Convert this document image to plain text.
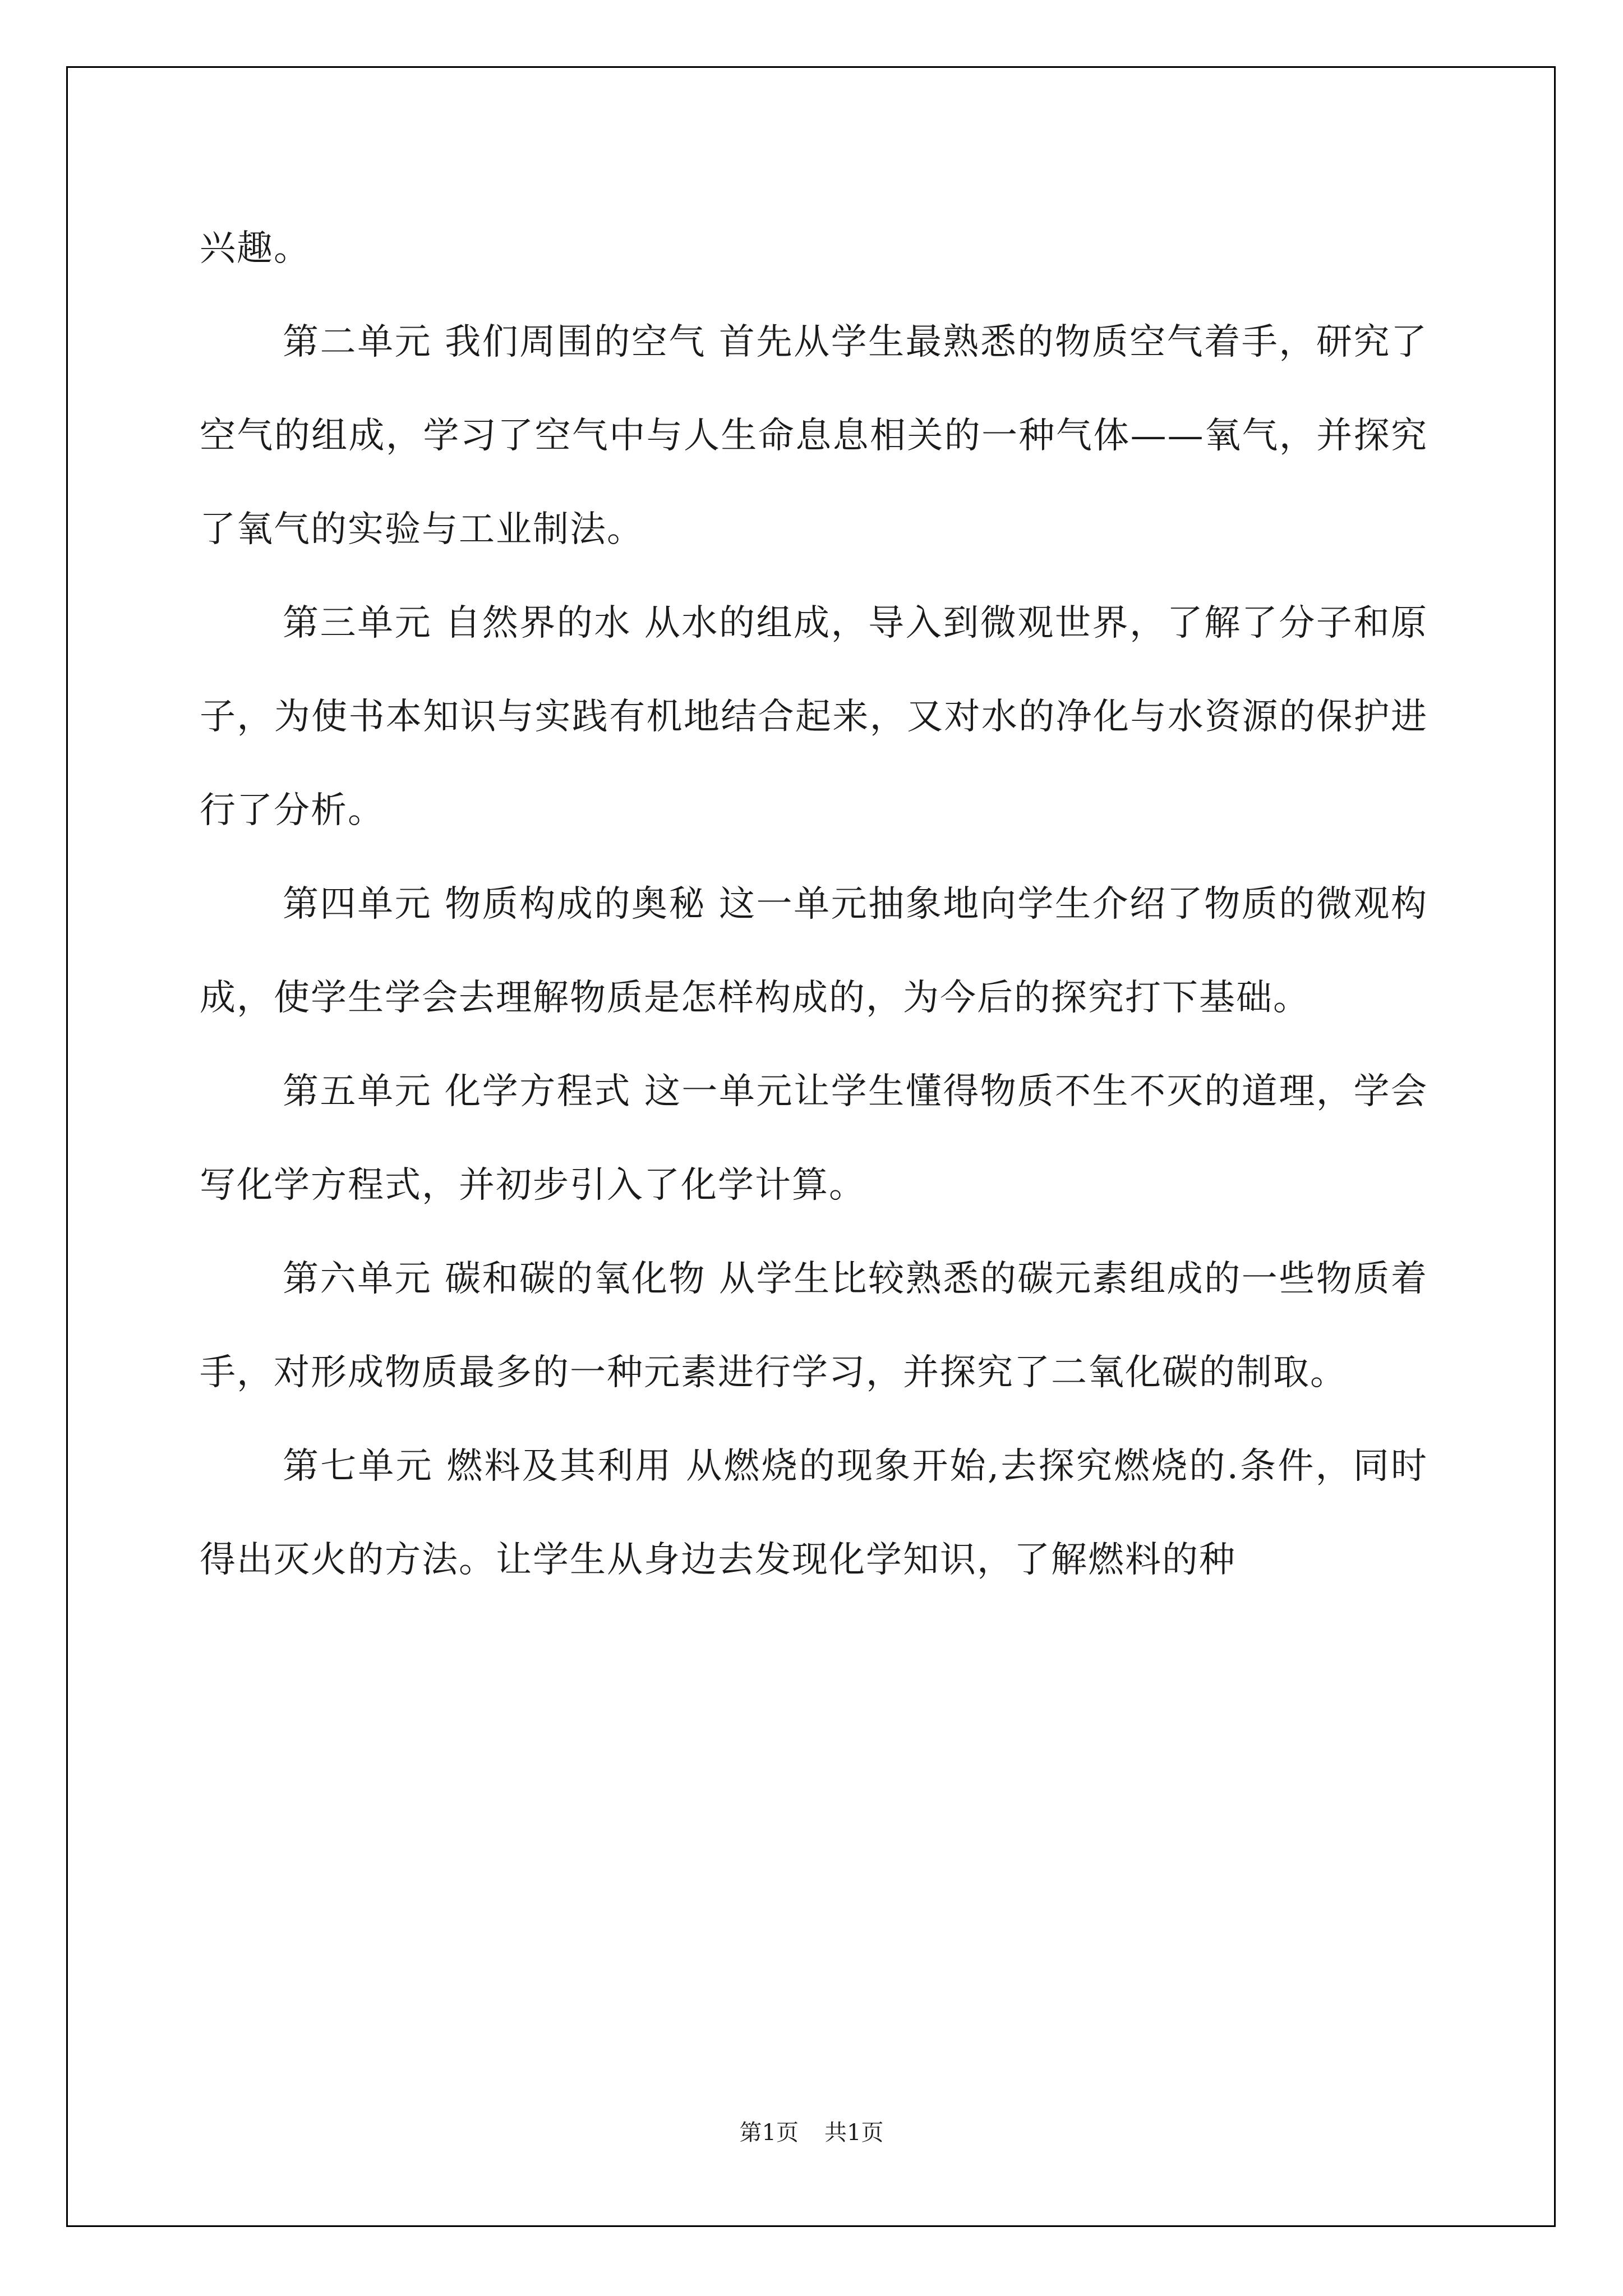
兴趣。

第二单元 我们周围的空气 首先从学生最熟悉的物质空气着手，研究了空气的组成，学习了空气中与人生命息息相关的一种气体——氧气，并探究了氧气的实验与工业制法。

第三单元 自然界的水 从水的组成，导入到微观世界，了解了分子和原子，为使书本知识与实践有机地结合起来，又对水的净化与水资源的保护进行了分析。

第四单元 物质构成的奥秘 这一单元抽象地向学生介绍了物质的微观构成，使学生学会去理解物质是怎样构成的，为今后的探究打下基础。

第五单元 化学方程式 这一单元让学生懂得物质不生不灭的道理，学会写化学方程式，并初步引入了化学计算。

第六单元 碳和碳的氧化物 从学生比较熟悉的碳元素组成的一些物质着手，对形成物质最多的一种元素进行学习，并探究了二氧化碳的制取。

第七单元 燃料及其利用 从燃烧的现象开始,去探究燃烧的.条件，同时得出灭火的方法。让学生从身边去发现化学知识，了解燃料的种

第1页 共1页
